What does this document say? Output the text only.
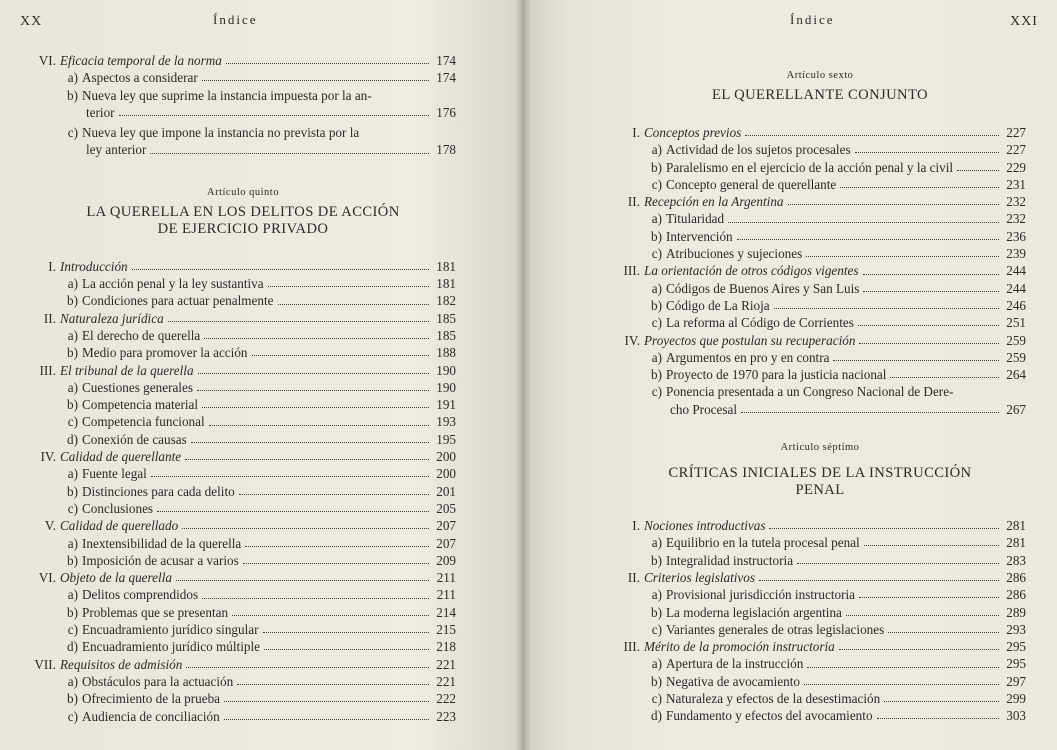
XX	Índice
VI. Eficacia temporal de la norma	174
a) Aspectos a considerar	174
b) Nueva ley que suprime la instancia impuesta por la an-
terior	176
c) Nueva ley que impone la instancia no prevista por la
ley anterior	178
Artículo quinto
LA QUERELLA EN LOS DELITOS DE ACCIÓN
DE EJERCICIO PRIVADO
I. Introducción	181
a) La acción penal y la ley sustantiva	181
b) Condiciones para actuar penalmente	182
II. Naturaleza jurídica	185
a) El derecho de querella	185
b) Medio para promover la acción	188
III. El tribunal de la querella	190
a) Cuestiones generales	190
b) Competencia material	191
c) Competencia funcional	193
d) Conexión de causas	195
IV. Calidad de querellante	200
a) Fuente legal	200
b) Distinciones para cada delito	201
c) Conclusiones	205
V. Calidad de querellado	207
a) Inextensibilidad de la querella	207
b) Imposición de acusar a varios	209
VI. Objeto de la querella	211
a) Delitos comprendidos	211
b) Problemas que se presentan	214
c) Encuadramiento jurídico singular	215
d) Encuadramiento jurídico múltiple	218
VII. Requisitos de admisión	221
a) Obstáculos para la actuación	221
b) Ofrecimiento de la prueba	222
c) Audiencia de conciliación	223
Índice	XXI
Artículo sexto
EL QUERELLANTE CONJUNTO
I. Conceptos previos	227
a) Actividad de los sujetos procesales	227
b) Paralelismo en el ejercicio de la acción penal y la civil	229
c) Concepto general de querellante	231
II. Recepción en la Argentina	232
a) Titularidad	232
b) Intervención	236
c) Atribuciones y sujeciones	239
III. La orientación de otros códigos vigentes	244
a) Códigos de Buenos Aires y San Luis	244
b) Código de La Rioja	246
c) La reforma al Código de Corrientes	251
IV. Proyectos que postulan su recuperación	259
a) Argumentos en pro y en contra	259
b) Proyecto de 1970 para la justicia nacional	264
c) Ponencia presentada a un Congreso Nacional de Dere-
cho Procesal	267
Artículo séptimo
CRÍTICAS INICIALES DE LA INSTRUCCIÓN
PENAL
I. Nociones introductivas	281
a) Equilibrio en la tutela procesal penal	281
b) Integralidad instructoria	283
II. Criterios legislativos	286
a) Provisional jurisdicción instructoria	286
b) La moderna legislación argentina	289
c) Variantes generales de otras legislaciones	293
III. Mérito de la promoción instructoria	295
a) Apertura de la instrucción	295
b) Negativa de avocamiento	297
c) Naturaleza y efectos de la desestimación	299
d) Fundamento y efectos del avocamiento	303
